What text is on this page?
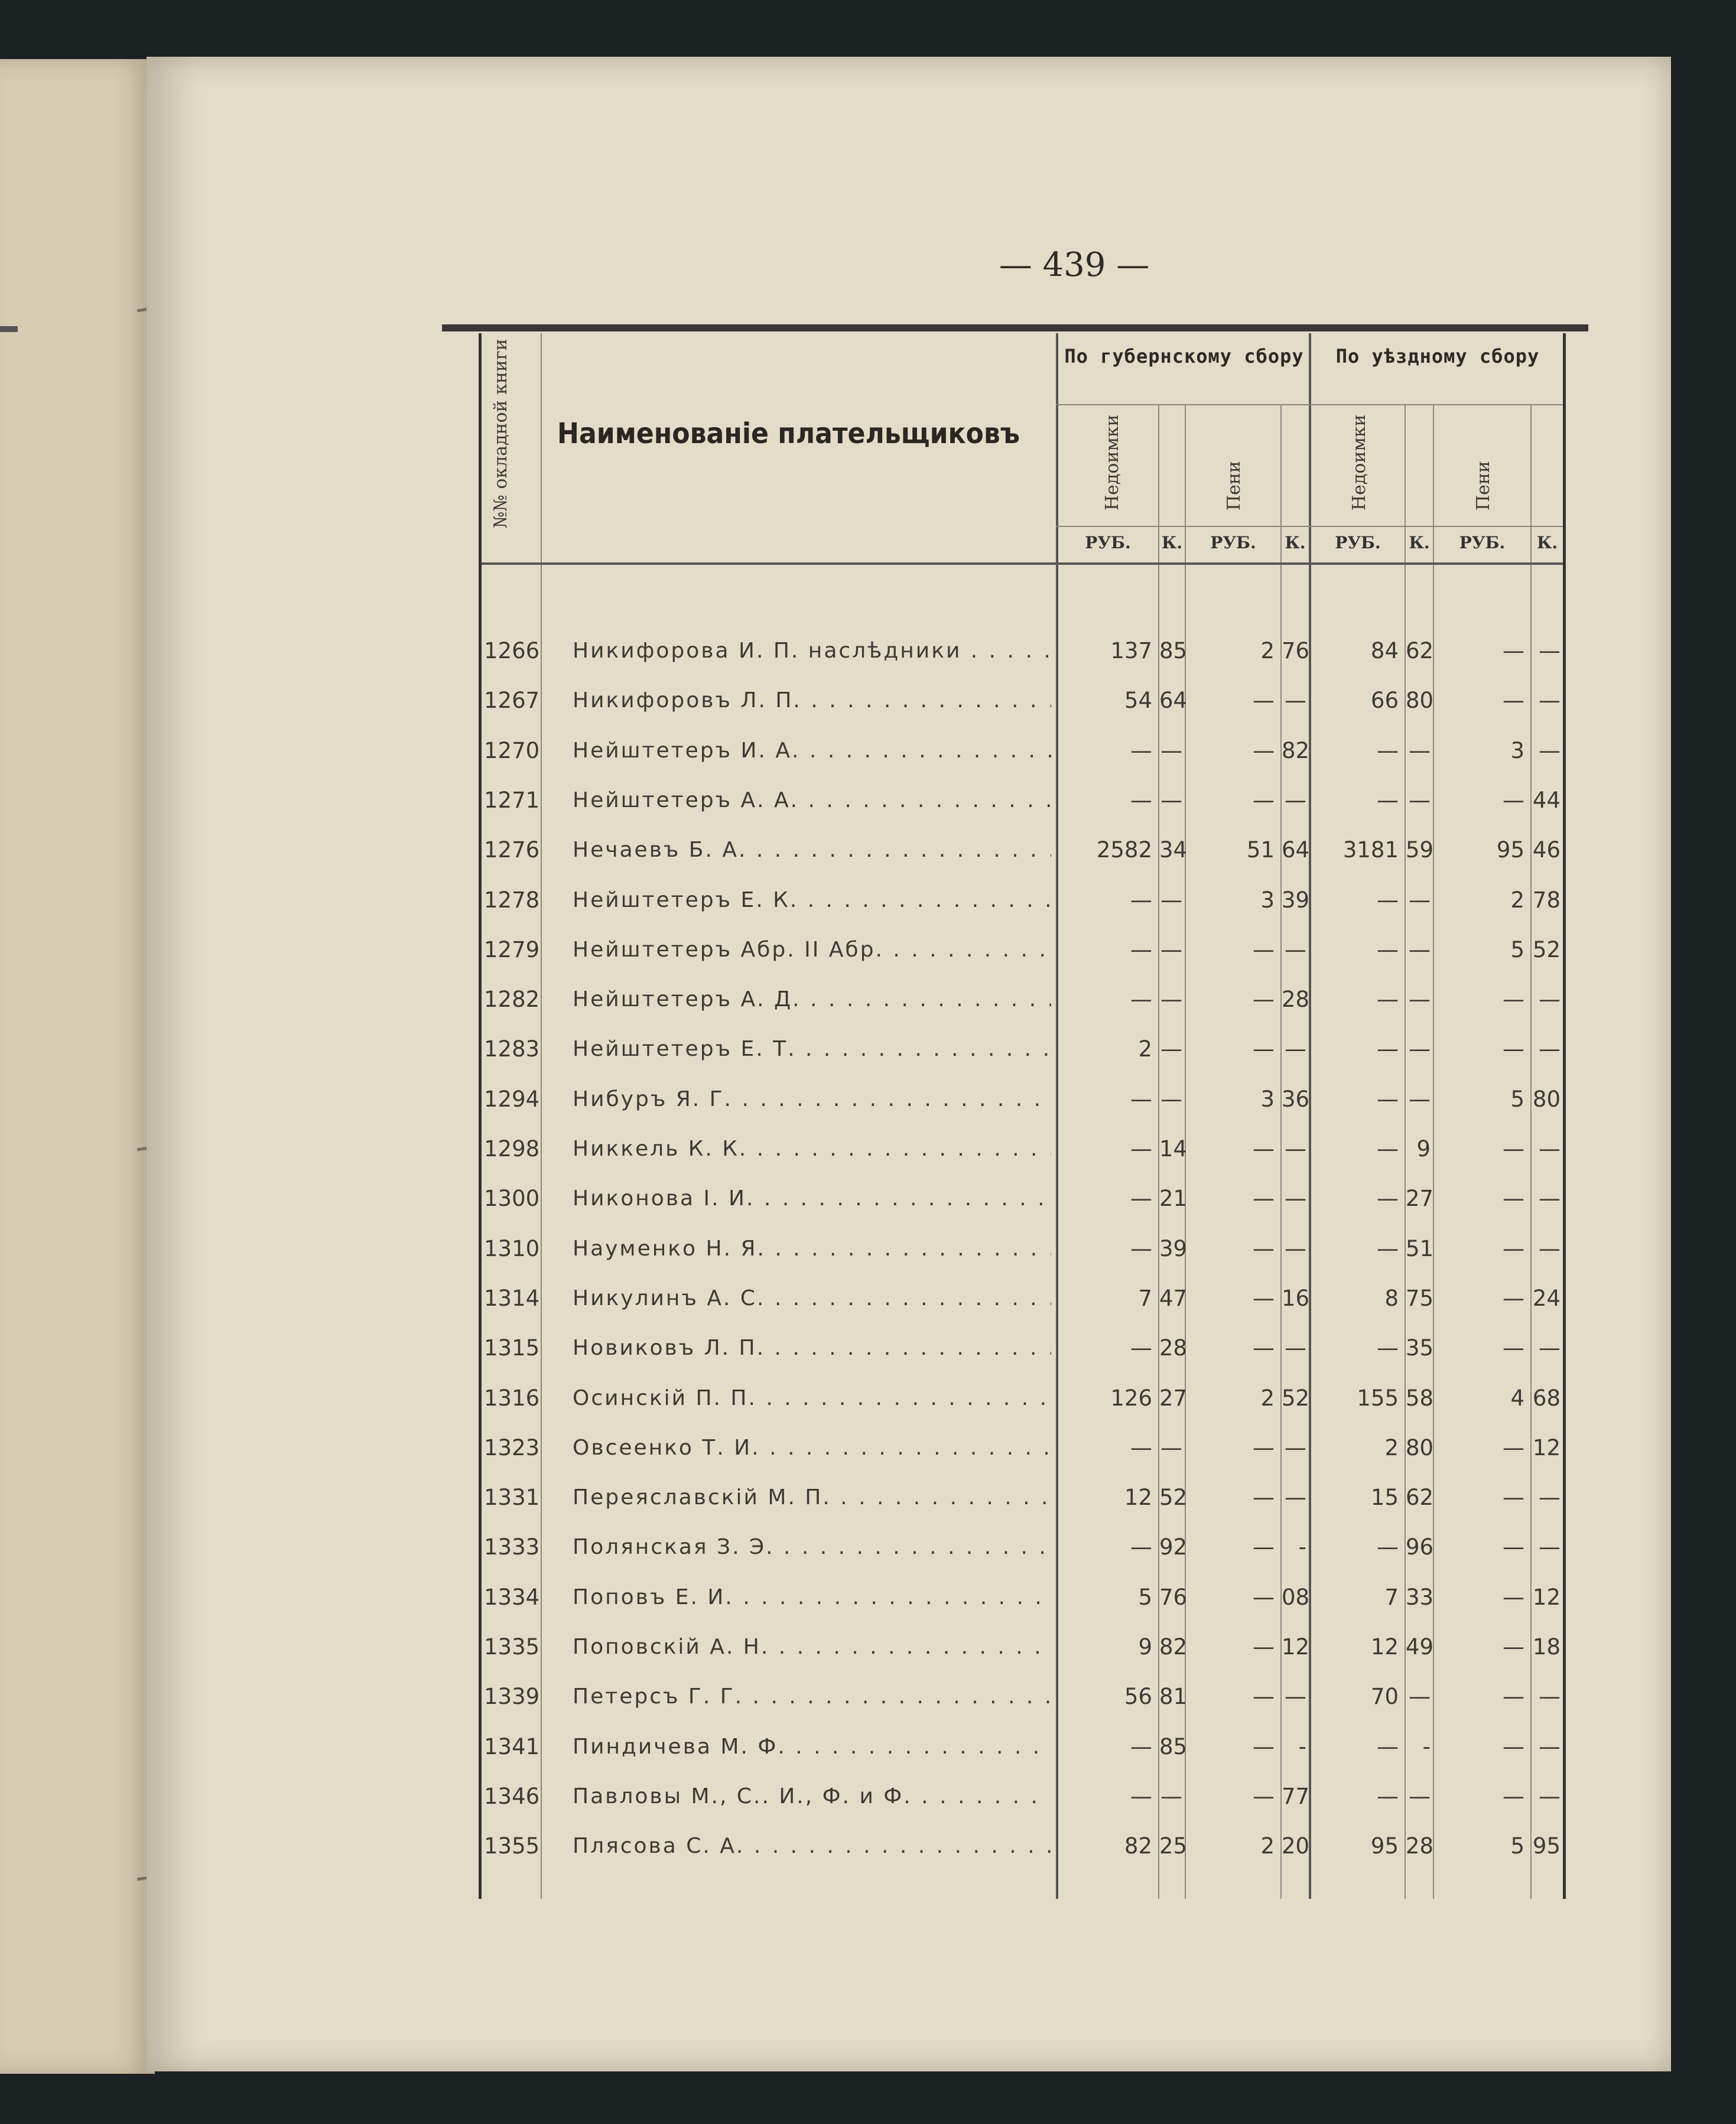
— 439 —
№№ окладной книги Наименованіе плательщиковъ
По губернскому сбору	По уѣздному сбору
Недоимки	Пени	Недоимки	Пени
РУБ.	К.	РУБ.	К.	РУБ.	К.	РУБ.	К.
1266	Никифорова И. П. наслѣдники . . .	137 85	2 76	84 62	— —
1267	Никифоровъ Л. П. . . .	54 64	— —	66 80	— —
1270	Нейштетеръ И. А. . . .	— —	— 82	— —	3 —
1271	Нейштетеръ А. А. . . .	— —	— —	— —	— 44
1276	Нечаевъ Б. А. . . .	2582 34	51 64	3181 59	95 46
1278	Нейштетеръ Е. К. . . .	— —	3 39	— —	2 78
1279	Нейштетеръ Абр. II Абр. . . .	— —	— —	— —	5 52
1282	Нейштетеръ А. Д. . . .	— —	— 28	— —	— —
1283	Нейштетеръ Е. Т. . . .	2 —	— —	— —	— —
1294	Нибуръ Я. Г. . . .	— —	3 36	— —	5 80
1298	Никкель К. К. . . .	— 14	— —	— 9	— —
1300	Никонова І. И. . . .	— 21	— —	— 27	— —
1310	Науменко Н. Я. . . .	— 39	— —	— 51	— —
1314	Никулинъ А. С. . . .	7 47	— 16	8 75	— 24
1315	Новиковъ Л. П. . . .	— 28	— —	— 35	— —
1316	Осинскій П. П. . . .	126 27	2 52	155 58	4 68
1323	Овсеенко Т. И. . . .	— —	— —	2 80	— 12
1331	Переяславскій М. П. . . .	12 52	— —	15 62	— —
1333	Полянская З. Э. . . .	— 92	—	-	— 96	— —
1334	Поповъ Е. И. . . .	5 76	— 08	7 33	— 12
1335	Поповскій А. Н. . . .	9 82	— 12	12 49	— 18
1339	Петерсъ Г. Г. . . .	56 81	— —	70 —	— —
1341	Пиндичева М. Ф. . . .	— 85	—	-	—	-	— —
1346	Павловы М., С.. И., Ф. и Ф. . . .	— —	— 77	— —	— —
1355	Плясова С. А. . . .	82 25	2 20	95 28	5 95
